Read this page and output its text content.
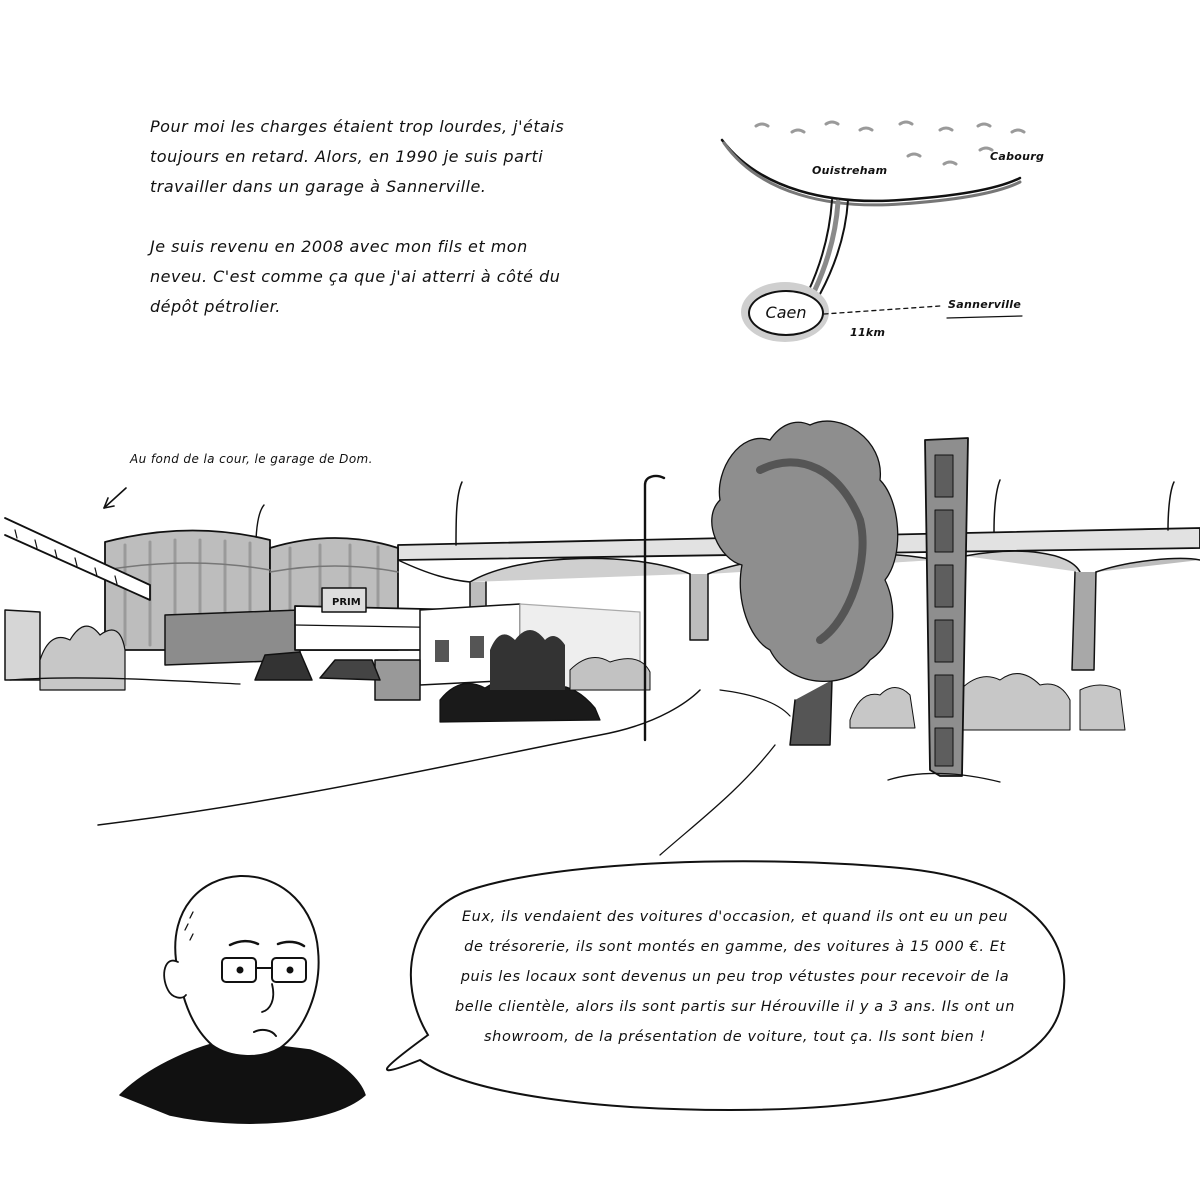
Pour moi les charges étaient trop lourdes, j'étais toujours en retard. Alors, en 1990 je suis parti travailler dans un garage à Sannerville.

Je suis revenu en 2008 avec mon fils et mon neveu. C'est comme ça que j'ai atterri à côté du dépôt pétrolier.

PRIM
Ouistreham
Cabourg
Caen	Sannerville
11km
Au fond de la cour, le garage de Dom.
Eux, ils vendaient des voitures d'occasion, et quand ils ont eu un peu de trésorerie, ils sont montés en gamme, des voitures à 15 000 €. Et puis les locaux sont devenus un peu trop vétustes pour recevoir de la belle clientèle, alors ils sont partis sur Hérouville il y a 3 ans. Ils ont un showroom, de la présentation de voiture, tout ça. Ils sont bien !
